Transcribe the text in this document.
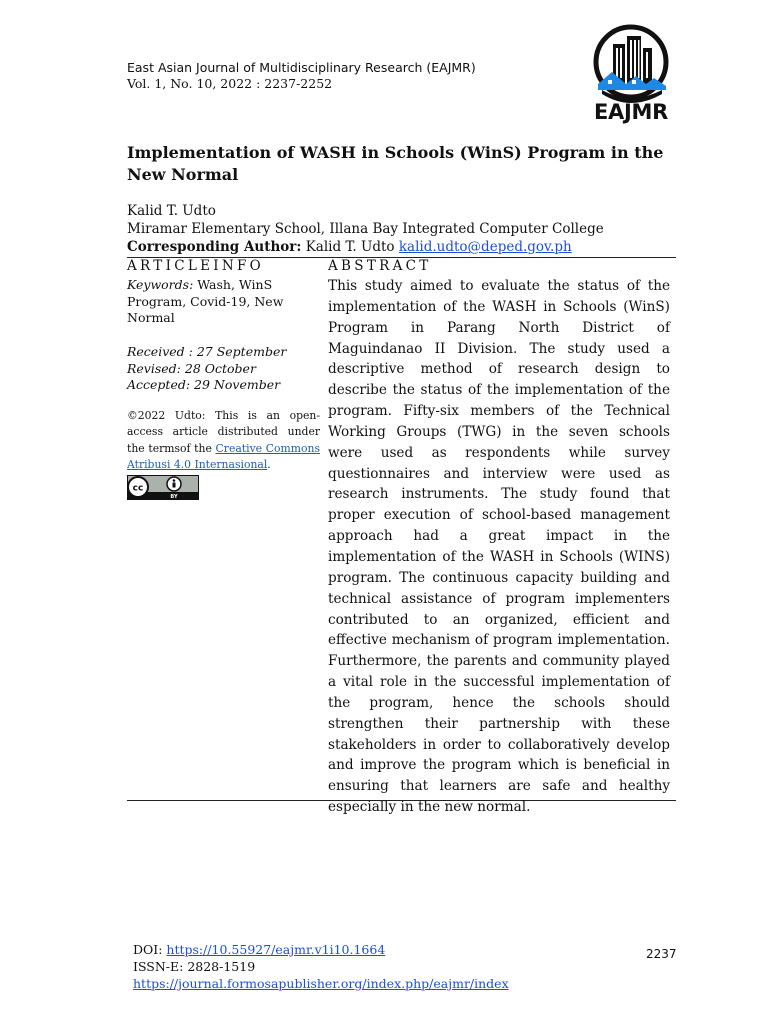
East Asian Journal of Multidisciplinary Research (EAJMR)
Vol. 1, No. 10, 2022 : 2237-2252
EAJMR
Implementation of WASH in Schools (WinS) Program in the New Normal
Kalid T. Udto
Miramar Elementary School, Illana Bay Integrated Computer College
Corresponding Author: Kalid T. Udto kalid.udto@deped.gov.ph
ARTICLEINFO
Keywords: Wash, WinS Program, Covid-19, New Normal
Received : 27 September
Revised: 28 October
Accepted: 29 November
©2022 Udto: This is an open-access article distributed under the termsof the Creative Commons Atribusi 4.0 Internasional.
cc
BY
ABSTRACT
This study aimed to evaluate the status of the implementation of the WASH in Schools (WinS) Program in Parang North District of Maguindanao II Division. The study used a descriptive method of research design to describe the status of the implementation of the program. Fifty-six members of the Technical Working Groups (TWG) in the seven schools were used as respondents while survey questionnaires and interview were used as research instruments. The study found that proper execution of school-based management approach had a great impact in the implementation of the WASH in Schools (WINS) program. The continuous capacity building and technical assistance of program implementers contributed to an organized, efficient and effective mechanism of program implementation. Furthermore, the parents and community played a vital role in the successful implementation of the program, hence the schools should strengthen their partnership with these stakeholders in order to collaboratively develop and improve the program which is beneficial in ensuring that learners are safe and healthy especially in the new normal.
DOI: https://10.55927/eajmr.v1i10.1664
ISSN-E: 2828-1519
https://journal.formosapublisher.org/index.php/eajmr/index
2237
